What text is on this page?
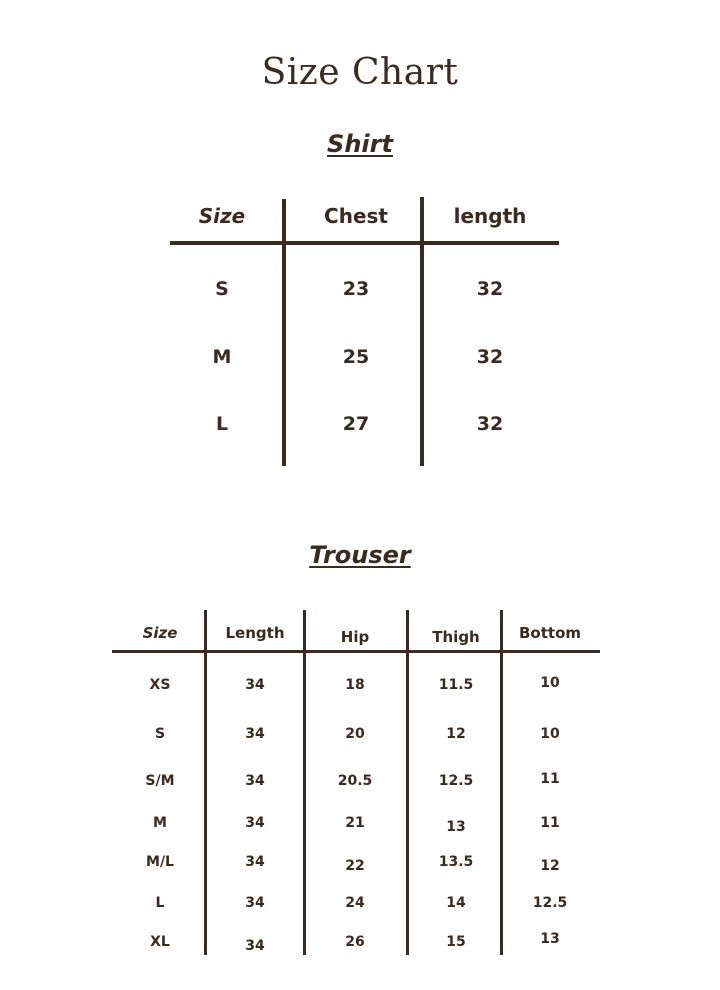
Size Chart
Shirt
Size	Chest	length
S	23	32
M	25	32
L	27	32
Trouser
Size	Length	Hip	Thigh	Bottom
XS	34	18	11.5	10
S	34	20	12	10
S/M	34	20.5	12.5	11
M	34	21	13	11
M/L	34	22	13.5	12
L	34	24	14	12.5
XL	34	26	15	13
